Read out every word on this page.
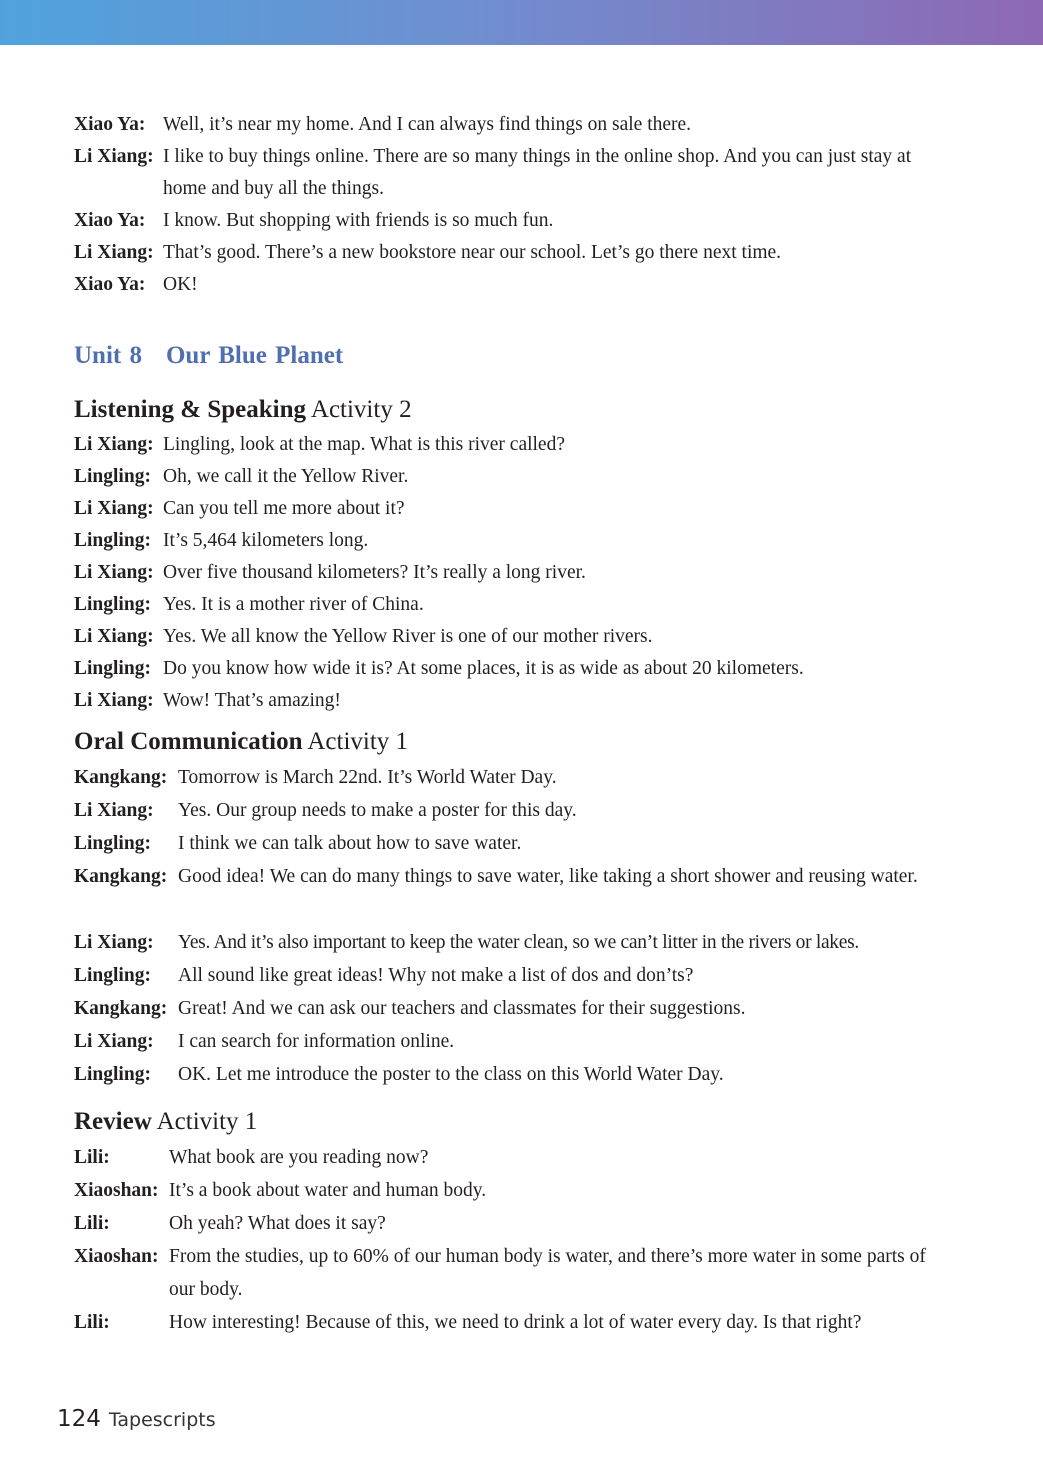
Xiao Ya: Well, it’s near my home. And I can always find things on sale there.
Li Xiang: I like to buy things online. There are so many things in the online shop. And you can just stay at home and buy all the things.
Xiao Ya: I know. But shopping with friends is so much fun.
Li Xiang: That’s good. There’s a new bookstore near our school. Let’s go there next time.
Xiao Ya: OK!
Unit 8 Our Blue Planet
Listening & Speaking Activity 2
Li Xiang: Lingling, look at the map. What is this river called?
Lingling: Oh, we call it the Yellow River.
Li Xiang: Can you tell me more about it?
Lingling: It’s 5,464 kilometers long.
Li Xiang: Over five thousand kilometers? It’s really a long river.
Lingling: Yes. It is a mother river of China.
Li Xiang: Yes. We all know the Yellow River is one of our mother rivers.
Lingling: Do you know how wide it is? At some places, it is as wide as about 20 kilometers.
Li Xiang: Wow! That’s amazing!
Oral Communication Activity 1
Kangkang: Tomorrow is March 22nd. It’s World Water Day.
Li Xiang: Yes. Our group needs to make a poster for this day.
Lingling: I think we can talk about how to save water.
Kangkang: Good idea! We can do many things to save water, like taking a short shower and reusing water.
Li Xiang: Yes. And it’s also important to keep the water clean, so we can’t litter in the rivers or lakes.
Lingling: All sound like great ideas! Why not make a list of dos and don’ts?
Kangkang: Great! And we can ask our teachers and classmates for their suggestions.
Li Xiang: I can search for information online.
Lingling: OK. Let me introduce the poster to the class on this World Water Day.
Review Activity 1
Lili:	What book are you reading now?
Xiaoshan: It’s a book about water and human body.
Lili:	Oh yeah? What does it say?
Xiaoshan: From the studies, up to 60% of our human body is water, and there’s more water in some parts of our body.
Lili:	How interesting! Because of this, we need to drink a lot of water every day. Is that right?
124 Tapescripts
